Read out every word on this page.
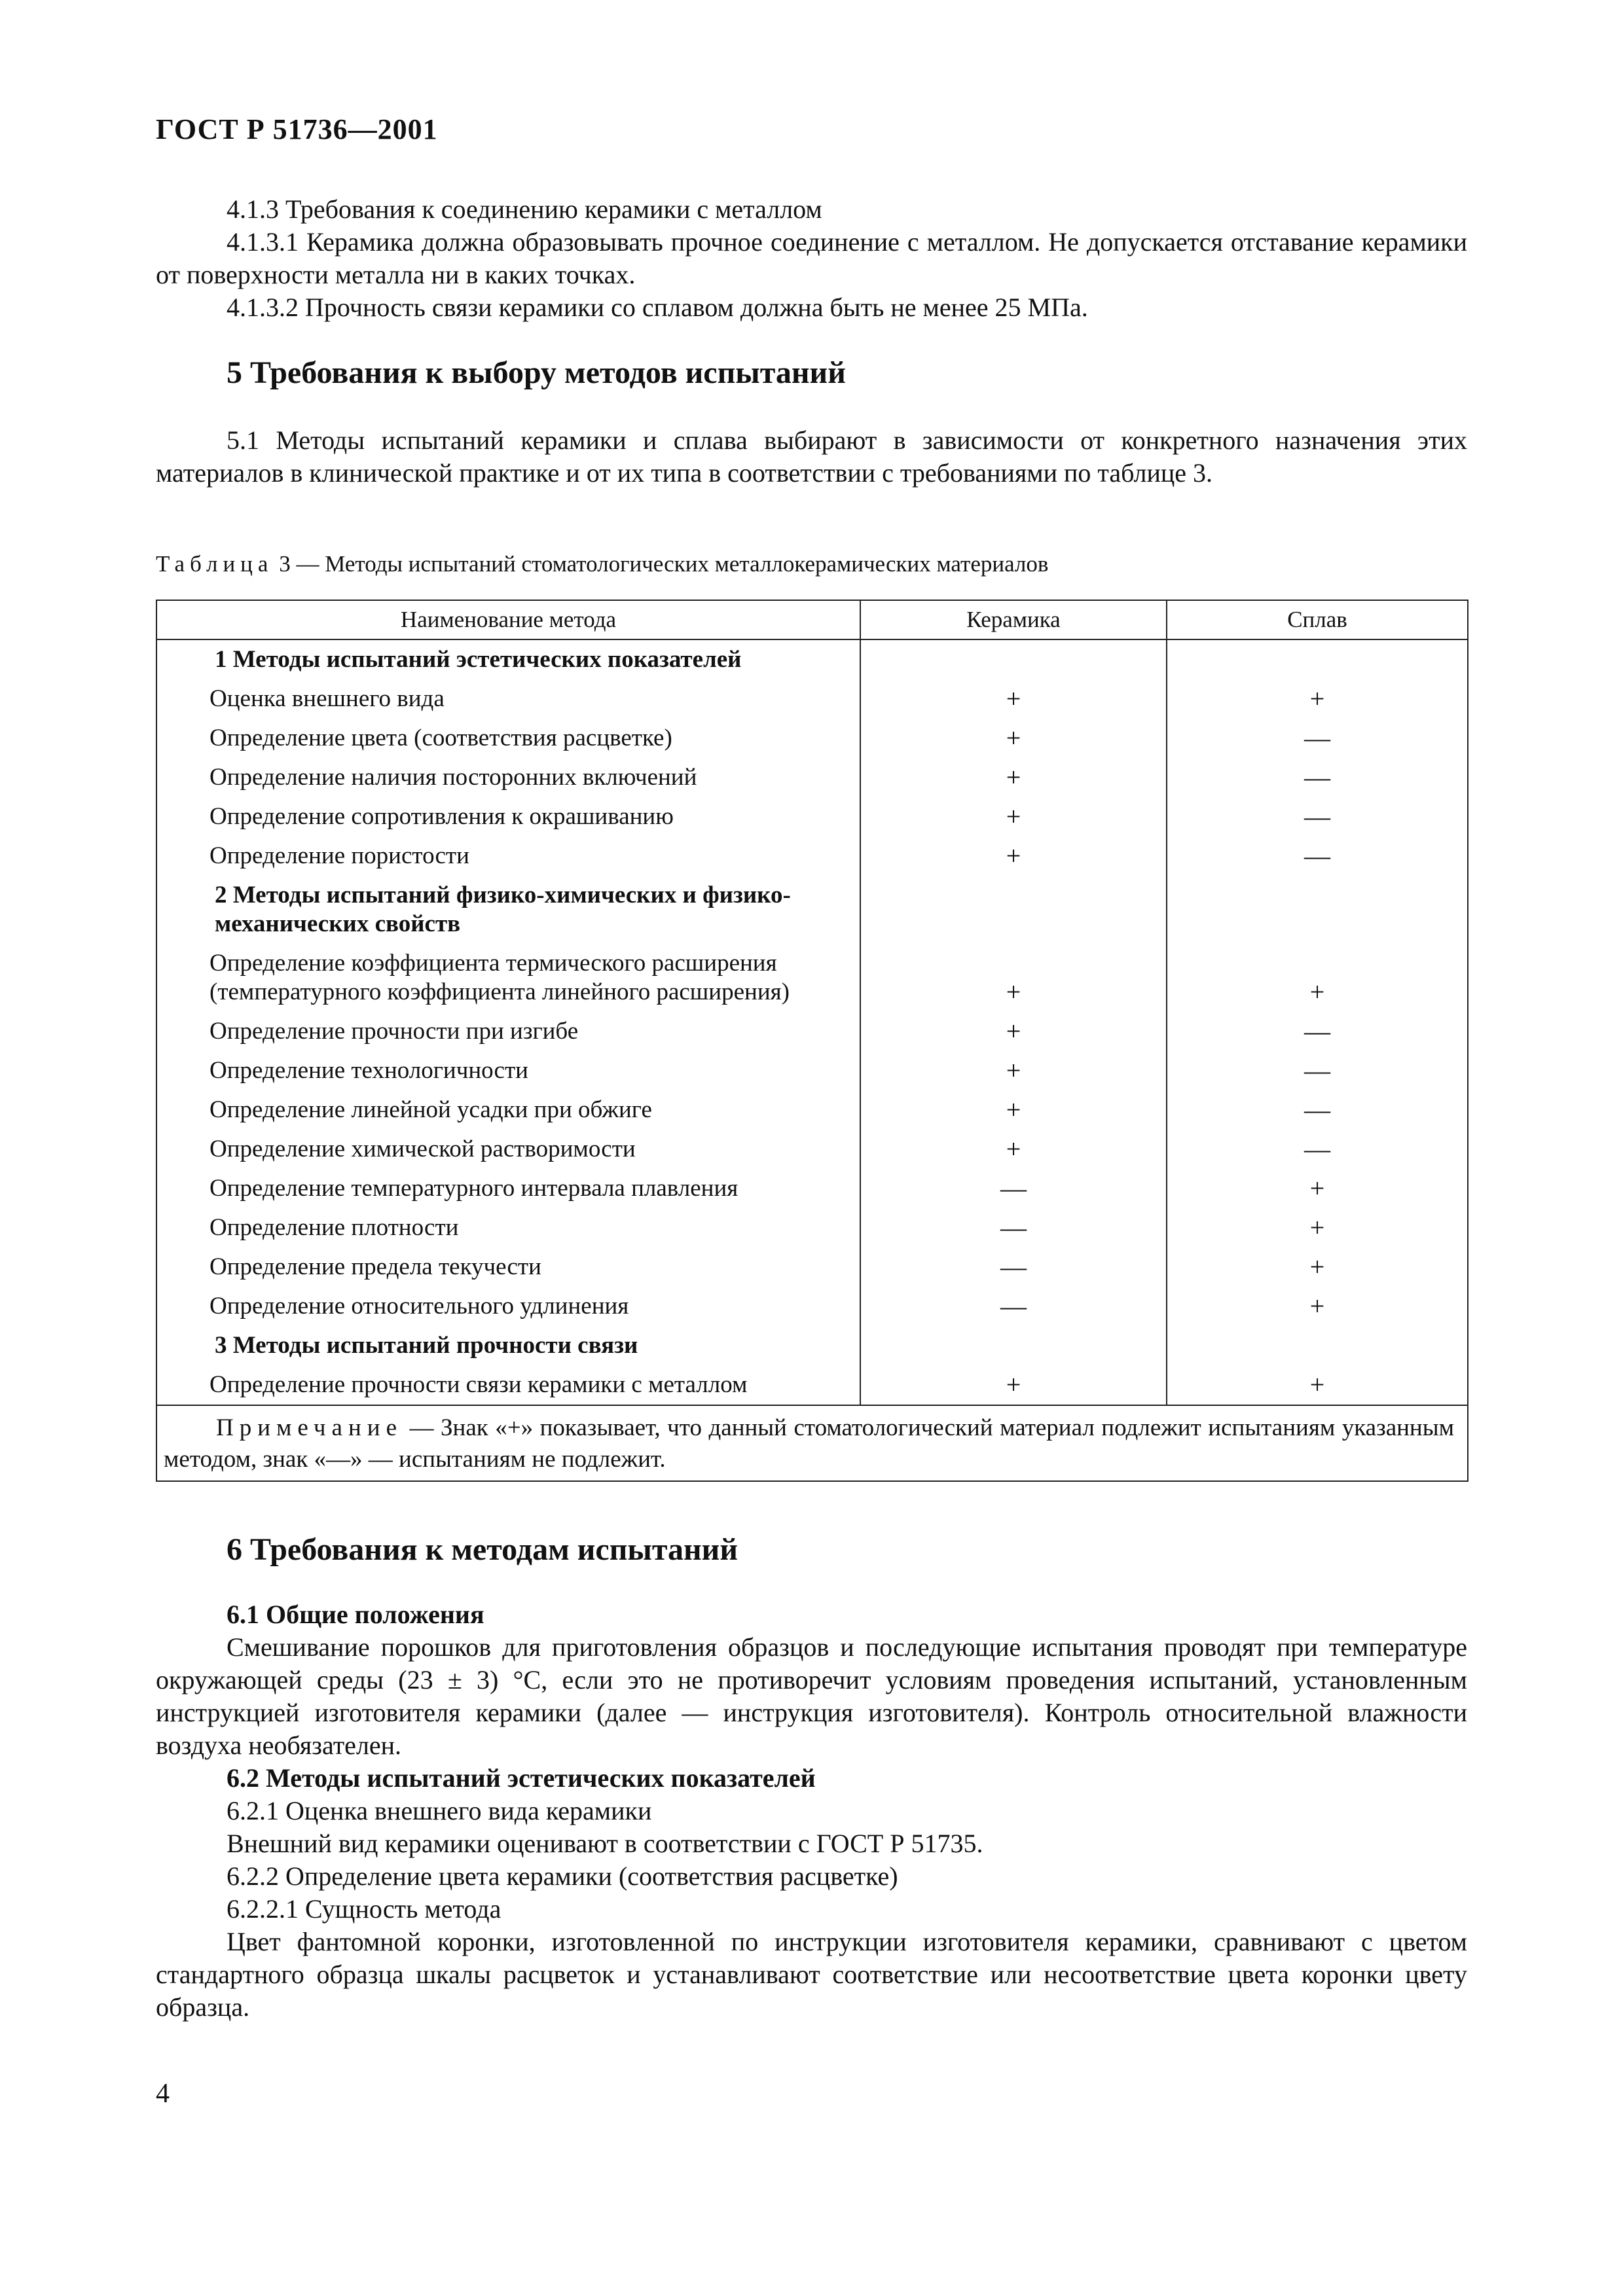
ГОСТ Р 51736—2001

4.1.3 Требования к соединению керамики с металлом

4.1.3.1 Керамика должна образовывать прочное соединение с металлом. Не допускается отставание керамики от поверхности металла ни в каких точках.

4.1.3.2 Прочность связи керамики со сплавом должна быть не менее 25 МПа.

5 Требования к выбору методов испытаний

5.1 Методы испытаний керамики и сплава выбирают в зависимости от конкретного назначения этих материалов в клинической практике и от их типа в соответствии с требованиями по таблице 3.

Таблица 3 — Методы испытаний стоматологических металлокерамических материалов

Наименование метода	Керамика	Сплав
1 Методы испытаний эстетических показателей		
Оценка внешнего вида	+	+
Определение цвета (соответствия расцветке)	+	—
Определение наличия посторонних включений	+	—
Определение сопротивления к окрашиванию	+	—
Определение пористости	+	—
2 Методы испытаний физико-химических и физико-механических свойств		
Определение коэффициента термического расширения (температурного коэффициента линейного расширения)	+	+
Определение прочности при изгибе	+	—
Определение технологичности	+	—
Определение линейной усадки при обжиге	+	—
Определение химической растворимости	+	—
Определение температурного интервала плавления	—	+
Определение плотности	—	+
Определение предела текучести	—	+
Определение относительного удлинения	—	+
3 Методы испытаний прочности связи		
Определение прочности связи керамики с металлом	+	+
Примечание — Знак «+» показывает, что данный стоматологический материал подлежит испытаниям указанным методом, знак «—» — испытаниям не подлежит.		
6 Требования к методам испытаний

6.1 Общие положения

Смешивание порошков для приготовления образцов и последующие испытания проводят при температуре окружающей среды (23 ± 3) °С, если это не противоречит условиям проведения испытаний, установленным инструкцией изготовителя керамики (далее — инструкция изготовителя). Контроль относительной влажности воздуха необязателен.

6.2 Методы испытаний эстетических показателей

6.2.1 Оценка внешнего вида керамики

Внешний вид керамики оценивают в соответствии с ГОСТ Р 51735.

6.2.2 Определение цвета керамики (соответствия расцветке)

6.2.2.1 Сущность метода

Цвет фантомной коронки, изготовленной по инструкции изготовителя керамики, сравнивают с цветом стандартного образца шкалы расцветок и устанавливают соответствие или несоответствие цвета коронки цвету образца.

4
